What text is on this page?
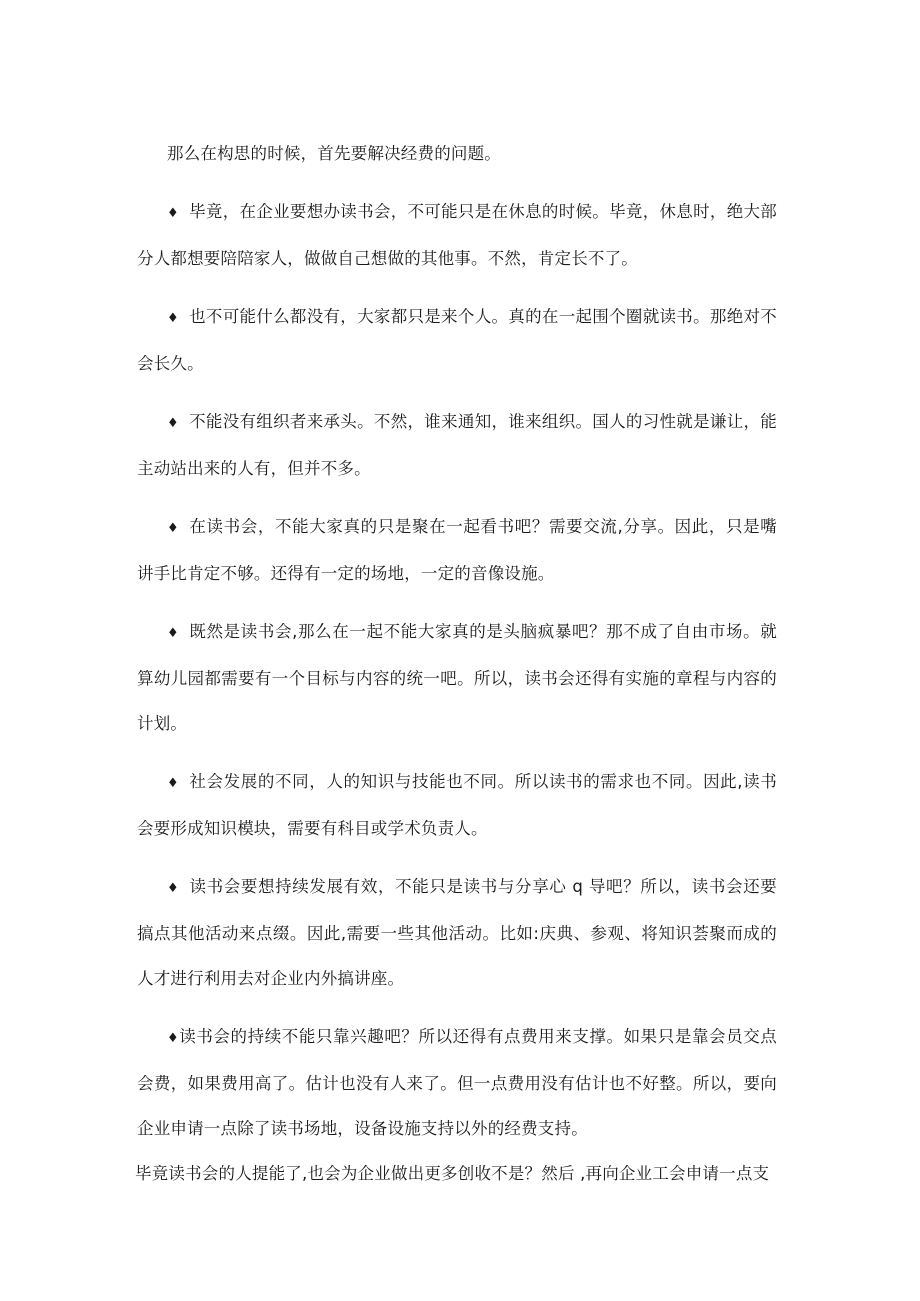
那么在构思的时候，首先要解决经费的问题。

♦ 毕竟，在企业要想办读书会，不可能只是在休息的时候。毕竟，休息时，绝大部分人都想要陪陪家人，做做自己想做的其他事。不然，肯定长不了。

♦ 也不可能什么都没有，大家都只是来个人。真的在一起围个圈就读书。那绝对不会长久。

♦ 不能没有组织者来承头。不然，谁来通知，谁来组织。国人的习性就是谦让，能主动站出来的人有，但并不多。

♦ 在读书会，不能大家真的只是聚在一起看书吧？需要交流,分享。因此，只是嘴讲手比肯定不够。还得有一定的场地，一定的音像设施。

♦ 既然是读书会,那么在一起不能大家真的是头脑疯暴吧？那不成了自由市场。就算幼儿园都需要有一个目标与内容的统一吧。所以，读书会还得有实施的章程与内容的计划。

♦ 社会发展的不同，人的知识与技能也不同。所以读书的需求也不同。因此,读书会要形成知识模块，需要有科目或学术负责人。

♦ 读书会要想持续发展有效，不能只是读书与分享心 q 导吧？所以，读书会还要搞点其他活动来点缀。因此,需要一些其他活动。比如:庆典、参观、将知识荟聚而成的人才进行利用去对企业内外搞讲座。

♦读书会的持续不能只靠兴趣吧？所以还得有点费用来支撑。如果只是靠会员交点会费，如果费用高了。估计也没有人来了。但一点费用没有估计也不好整。所以，要向企业申请一点除了读书场地，设备设施支持以外的经费支持。

毕竟读书会的人提能了,也会为企业做出更多创收不是？然后 ,再向企业工会申请一点支
